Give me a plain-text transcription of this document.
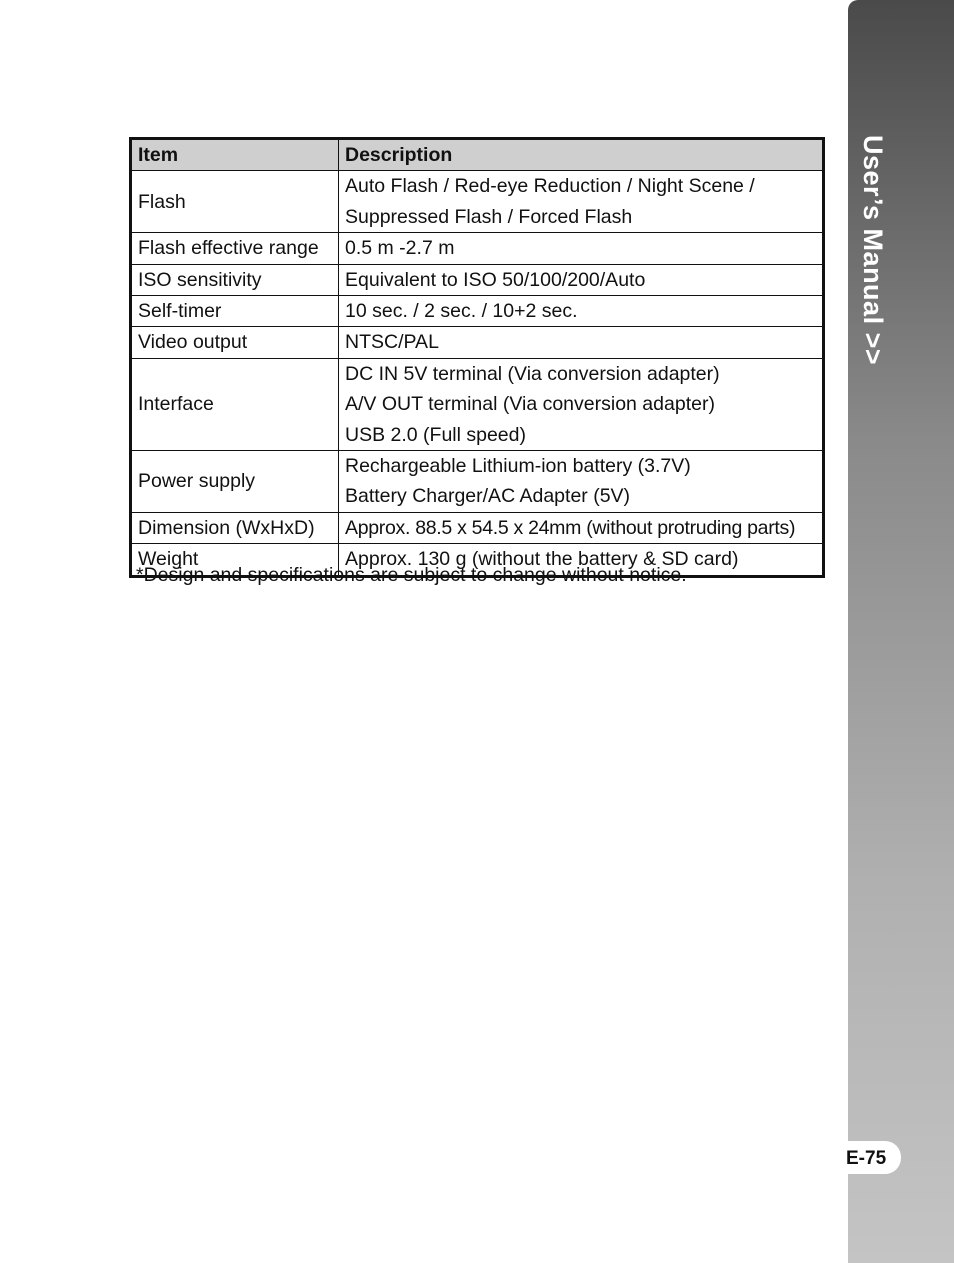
User’s Manual >>
E-75
Item	Description
Flash	Auto Flash / Red-eye Reduction / Night Scene /
Suppressed Flash / Forced Flash

Flash effective range	0.5 m -2.7 m

ISO sensitivity	Equivalent to ISO 50/100/200/Auto

Self-timer	10 sec. / 2 sec. / 10+2 sec.

Video output	NTSC/PAL

Interface	DC IN 5V terminal (Via conversion adapter)
A/V OUT terminal (Via conversion adapter)
USB 2.0 (Full speed)

Power supply	Rechargeable Lithium-ion battery (3.7V)
Battery Charger/AC Adapter (5V)

Dimension (WxHxD)	Approx. 88.5 x 54.5 x 24mm (without protruding parts)

Weight	Approx. 130 g (without the battery & SD card)
*Design and specifications are subject to change without notice.
